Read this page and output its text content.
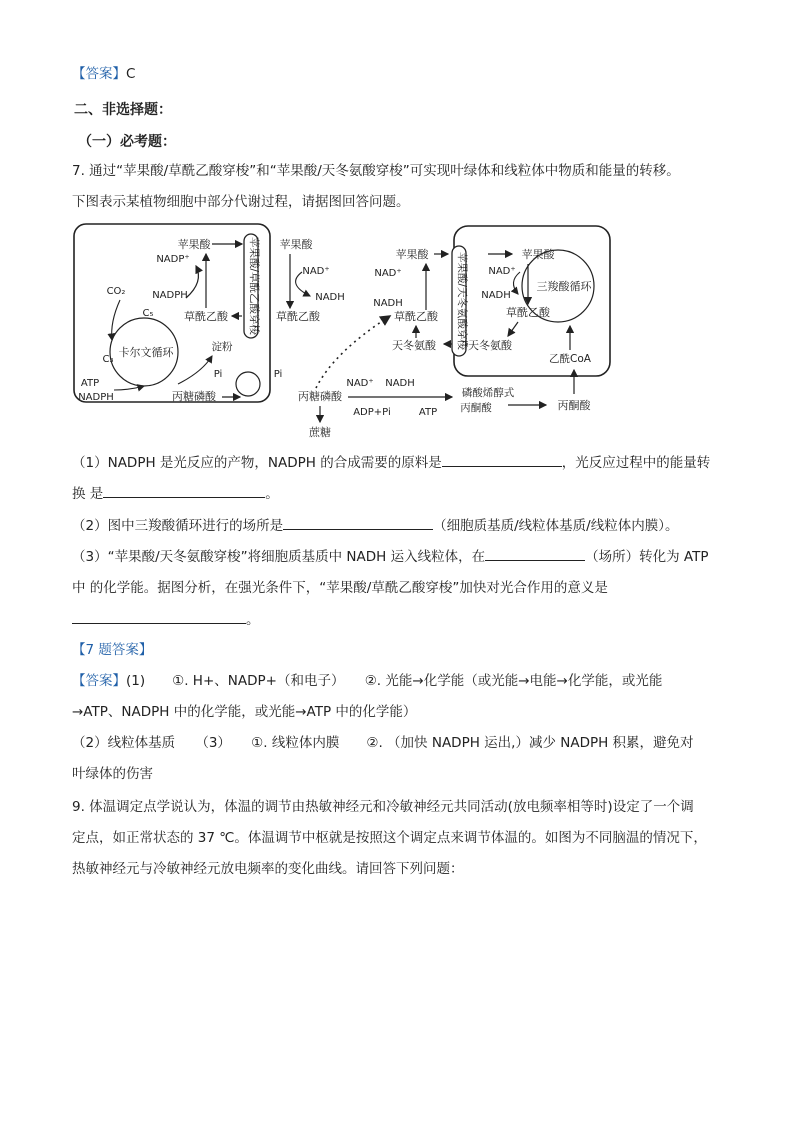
【答案】C
二、非选择题：
（一）必考题：
7. 通过“苹果酸/草酰乙酸穿梭”和“苹果酸/天冬氨酸穿梭”可实现叶绿体和线粒体中物质和能量的转移。
下图表示某植物细胞中部分代谢过程，请据图回答问题。
苹果酸/草酰乙酸穿梭
苹果酸
NADP⁺
NADPH
草酰乙酸
CO₂
C₅
C₃
卡尔文循环
ATP
NADPH
淀粉
丙糖磷酸
Pi	Pi
苹果酸
NAD⁺
NADH
草酰乙酸
丙糖磷酸
蔗糖
NAD⁺ NADH
ADP+Pi	ATP
磷酸烯醇式
丙酮酸	丙酮酸
苹果酸
NAD⁺
NADH
草酰乙酸
天冬氨酸 苹果酸/天冬氨酸穿梭	苹果酸
NAD⁺
NADH
草酰乙酸
天冬氨酸
三羧酸循环
乙酰CoA
（1）NADPH 是光反应的产物，NADPH 的合成需要的原料是	，光反应过程中的能量转
换 是	。
（2）图中三羧酸循环进行的场所是	（细胞质基质/线粒体基质/线粒体内膜）。
（3）“苹果酸/天冬氨酸穿梭”将细胞质基质中 NADH 运入线粒体，在	（场所）转化为 ATP
中 的化学能。据图分析，在强光条件下，“苹果酸/草酰乙酸穿梭”加快对光合作用的意义是
。
【7 题答案】
【答案】(1)　　①. H+、NADP+（和电子）　　②. 光能→化学能（或光能→电能→化学能，或光能
→ATP、NADPH 中的化学能，或光能→ATP 中的化学能）
（2）线粒体基质　　（3）　　①. 线粒体内膜　　②. （加快 NADPH 运出,）减少 NADPH 积累，避免对
叶绿体的伤害
9. 体温调定点学说认为，体温的调节由热敏神经元和冷敏神经元共同活动(放电频率相等时)设定了一个调
定点，如正常状态的 37 ℃。体温调节中枢就是按照这个调定点来调节体温的。如图为不同脑温的情况下，
热敏神经元与冷敏神经元放电频率的变化曲线。请回答下列问题：
